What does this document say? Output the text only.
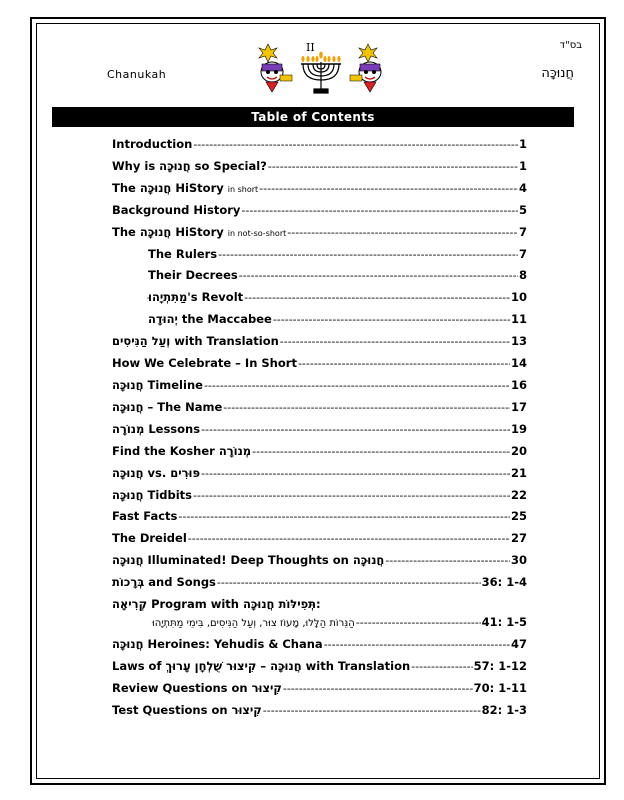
בס"ד
Chanukah	חֲנוּכָּה
II
Table of Contents
Introduction -----	1
Why is חֲנוּכָּה so Special? -----	1
The חֲנוּכָּה HiStory in short -----	4
Background History -----	5
The חֲנוּכָּה HiStory in not-so-short -----	7
The Rulers -----	7
Their Decrees -----	8
מַתִּתְיָהוּ's Revolt -----	10
יְהוּדָה the Maccabee -----	11
וְעַל הַנִּיסִים with Translation -----	13
How We Celebrate – In Short -----	14
חֲנוּכָּה Timeline -----	16
חֲנוּכָּה – The Name -----	17
מְנוֹרָה Lessons -----	19
Find the Kosher מְנוֹרָה -----	20
חֲנוּכָּה vs. פּוּרִים -----	21
חֲנוּכָּה Tidbits -----	22
Fast Facts -----	25
The Dreidel -----	27
חֲנוּכָּה Illuminated! Deep Thoughts on חֲנוּכָּה -----	30
בְּרָכוֹת and Songs -----	36: 1-4
קְרִיאָה Program with תְּפִילּוֹת חֲנוּכָּה:
הַנֵּרוֹת הַלָּלוּ, מָעוֹז צוּר, וְעַל הַנִּיסִים, בִּימֵי מַתִּתְיָהוּ -----	41: 1-5
חֲנוּכָּה Heroines: Yehudis & Chana -----	47
Laws of חֲנוּכָּה – קִיצוּר שֻׁלְחָן עָרוּךְ with Translation -----	57: 1-12
Review Questions on קִיצוּר -----	70: 1-11
Test Questions on קִיצוּר -----	82: 1-3
